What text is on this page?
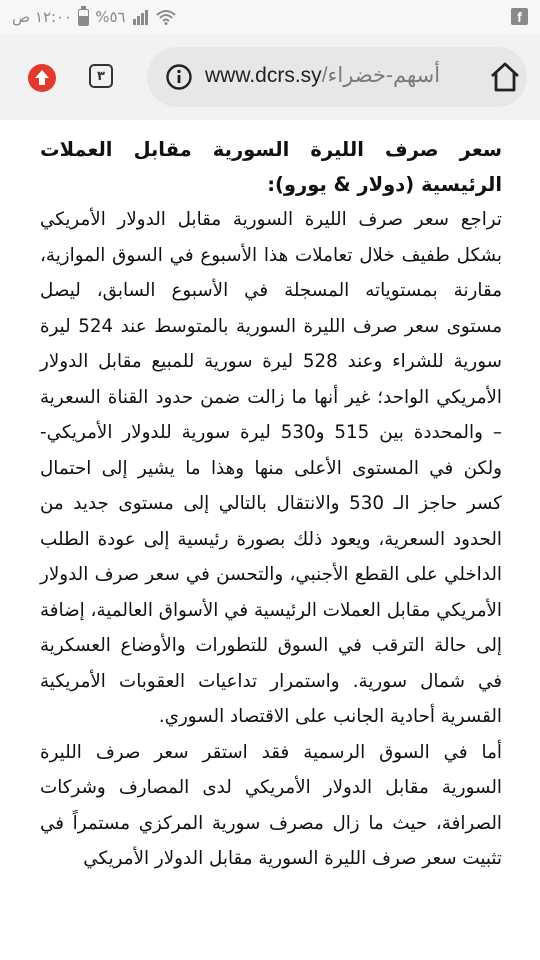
f
١٢:٠٠ ص %٥٦
٣	www.dcrs.sy/أسهم-خضراء

سعر صرف الليرة السورية مقابل العملات الرئيسية (دولار & يورو):

تراجع سعر صرف الليرة السورية مقابل الدولار الأمريكي بشكل طفيف خلال تعاملات هذا الأسبوع في السوق الموازية، مقارنة بمستوياته المسجلة في الأسبوع السابق، ليصل مستوى سعر صرف الليرة السورية بالمتوسط عند 524 ليرة سورية للشراء وعند 528 ليرة سورية للمبيع مقابل الدولار الأمريكي الواحد؛ غير أنها ما زالت ضمن حدود القناة السعرية – والمحددة بين 515 و530 ليرة سورية للدولار الأمريكي- ولكن في المستوى الأعلى منها وهذا ما يشير إلى احتمال كسر حاجز الـ 530 والانتقال بالتالي إلى مستوى جديد من الحدود السعرية، ويعود ذلك بصورة رئيسية إلى عودة الطلب الداخلي على القطع الأجنبي، والتحسن في سعر صرف الدولار الأمريكي مقابل العملات الرئيسية في الأسواق العالمية، إضافة إلى حالة الترقب في السوق للتطورات والأوضاع العسكرية في شمال سورية. واستمرار تداعيات العقوبات الأمريكية القسرية أحادية الجانب على الاقتصاد السوري.

أما في السوق الرسمية فقد استقر سعر صرف الليرة السورية مقابل الدولار الأمريكي لدى المصارف وشركات الصرافة، حيث ما زال مصرف سورية المركزي مستمراً في تثبيت سعر صرف الليرة السورية مقابل الدولار الأمريكي
